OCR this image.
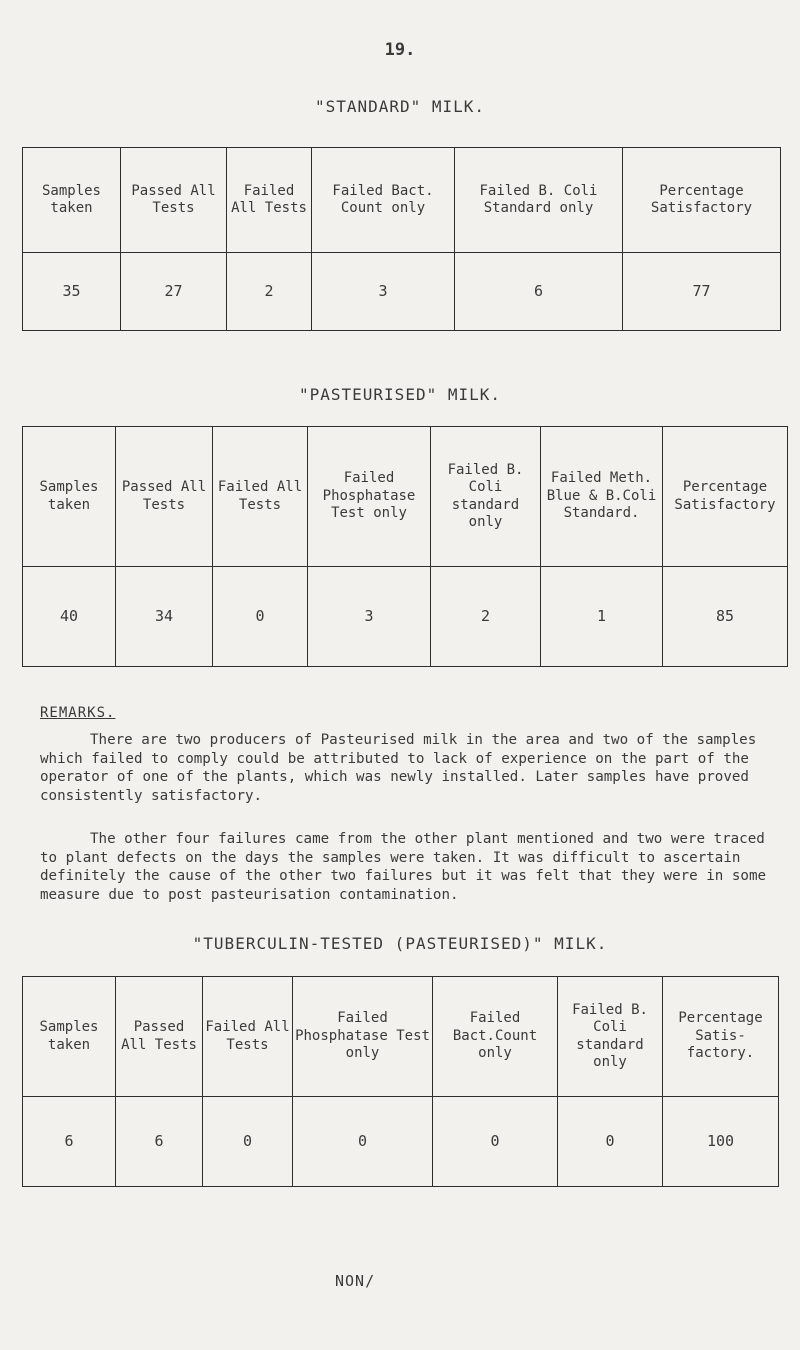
19.
"STANDARD" MILK.
Samples taken	Passed All Tests	Failed All Tests	Failed Bact. Count only	Failed B. Coli Standard only	Percentage Satisfactory
35	27	2	3	6	77
"PASTEURISED" MILK.
Samples taken	Passed All Tests	Failed All Tests	Failed Phosphatase Test only	Failed B. Coli standard only	Failed Meth. Blue & B.Coli Standard.	Percentage Satisfactory
40	34	0	3	2	1	85
REMARKS.
There are two producers of Pasteurised milk in the area and two of the samples which failed to comply could be attributed to lack of experience on the part of the operator of one of the plants, which was newly installed. Later samples have proved consistently satisfactory.
The other four failures came from the other plant mentioned and two were traced to plant defects on the days the samples were taken. It was difficult to ascertain definitely the cause of the other two failures but it was felt that they were in some measure due to post pasteurisation contamination.
"TUBERCULIN-TESTED (PASTEURISED)" MILK.
Samples taken	Passed All Tests	Failed All Tests	Failed Phosphatase Test only	Failed Bact.Count only	Failed B. Coli standard only	Percentage Satis-factory.
6	6	0	0	0	0	100
NON/
